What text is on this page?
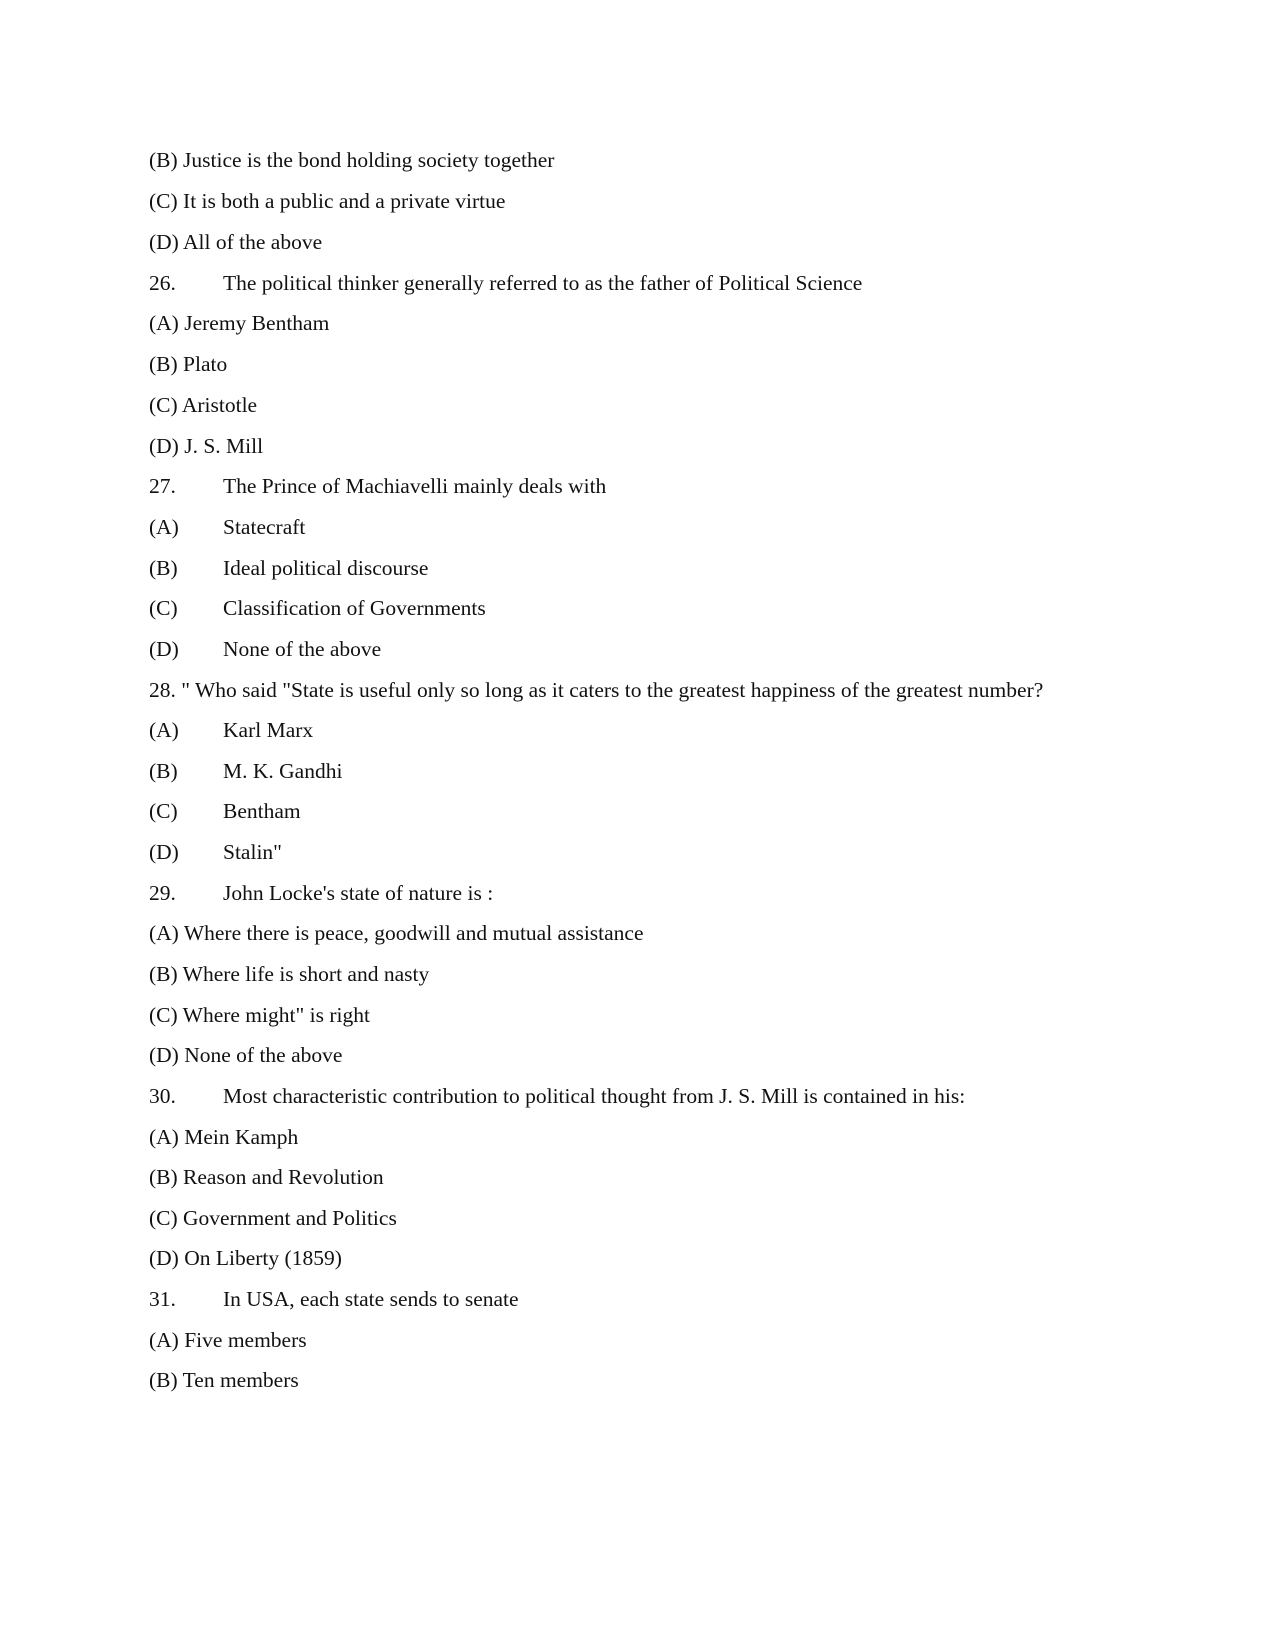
(B) Justice is the bond holding society together
(C) It is both a public and a private virtue
(D) All of the above
26. The political thinker generally referred to as the father of Political Science
(A) Jeremy Bentham
(B) Plato
(C) Aristotle
(D) J. S. Mill
27. The Prince of Machiavelli mainly deals with
(A) Statecraft
(B) Ideal political discourse
(C) Classification of Governments
(D) None of the above
28. " Who said "State is useful only so long as it caters to the greatest happiness of the greatest number?
(A) Karl Marx
(B) M. K. Gandhi
(C) Bentham
(D) Stalin"
29. John Locke's state of nature is :
(A) Where there is peace, goodwill and mutual assistance
(B) Where life is short and nasty
(C) Where might" is right
(D) None of the above
30. Most characteristic contribution to political thought from J. S. Mill is contained in his:
(A) Mein Kamph
(B) Reason and Revolution
(C) Government and Politics
(D) On Liberty (1859)
31. In USA, each state sends to senate
(A) Five members
(B) Ten members
